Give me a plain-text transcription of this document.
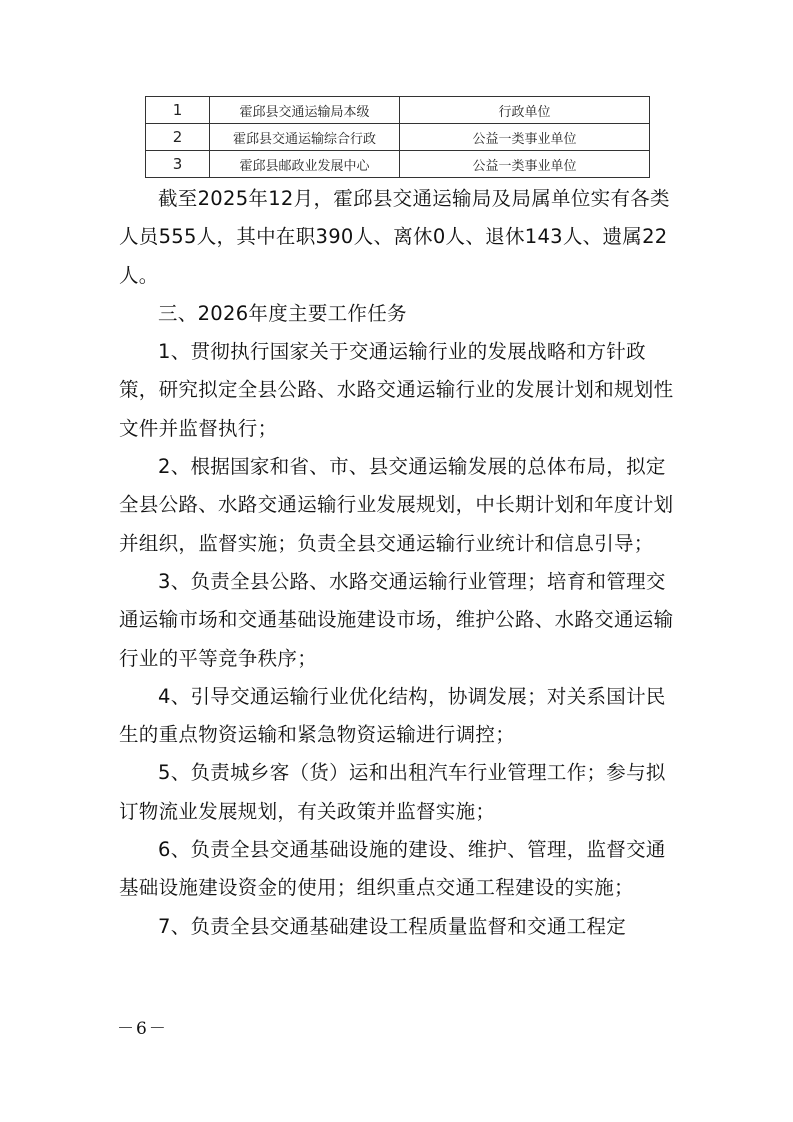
1	霍邱县交通运输局本级	行政单位
2	霍邱县交通运输综合行政	公益一类事业单位
3	霍邱县邮政业发展中心	公益一类事业单位

截至2025年12月，霍邱县交通运输局及局属单位实有各类人员555人，其中在职390人、离休0人、退休143人、遗属22人。

三、2026年度主要工作任务

1、贯彻执行国家关于交通运输行业的发展战略和方针政策，研究拟定全县公路、水路交通运输行业的发展计划和规划性文件并监督执行；

2、根据国家和省、市、县交通运输发展的总体布局，拟定全县公路、水路交通运输行业发展规划，中长期计划和年度计划并组织，监督实施；负责全县交通运输行业统计和信息引导；

3、负责全县公路、水路交通运输行业管理；培育和管理交通运输市场和交通基础设施建设市场，维护公路、水路交通运输行业的平等竞争秩序；

4、引导交通运输行业优化结构，协调发展；对关系国计民生的重点物资运输和紧急物资运输进行调控；

5、负责城乡客（货）运和出租汽车行业管理工作；参与拟订物流业发展规划，有关政策并监督实施；

6、负责全县交通基础设施的建设、维护、管理，监督交通基础设施建设资金的使用；组织重点交通工程建设的实施；

7、负责全县交通基础建设工程质量监督和交通工程定

－6－
